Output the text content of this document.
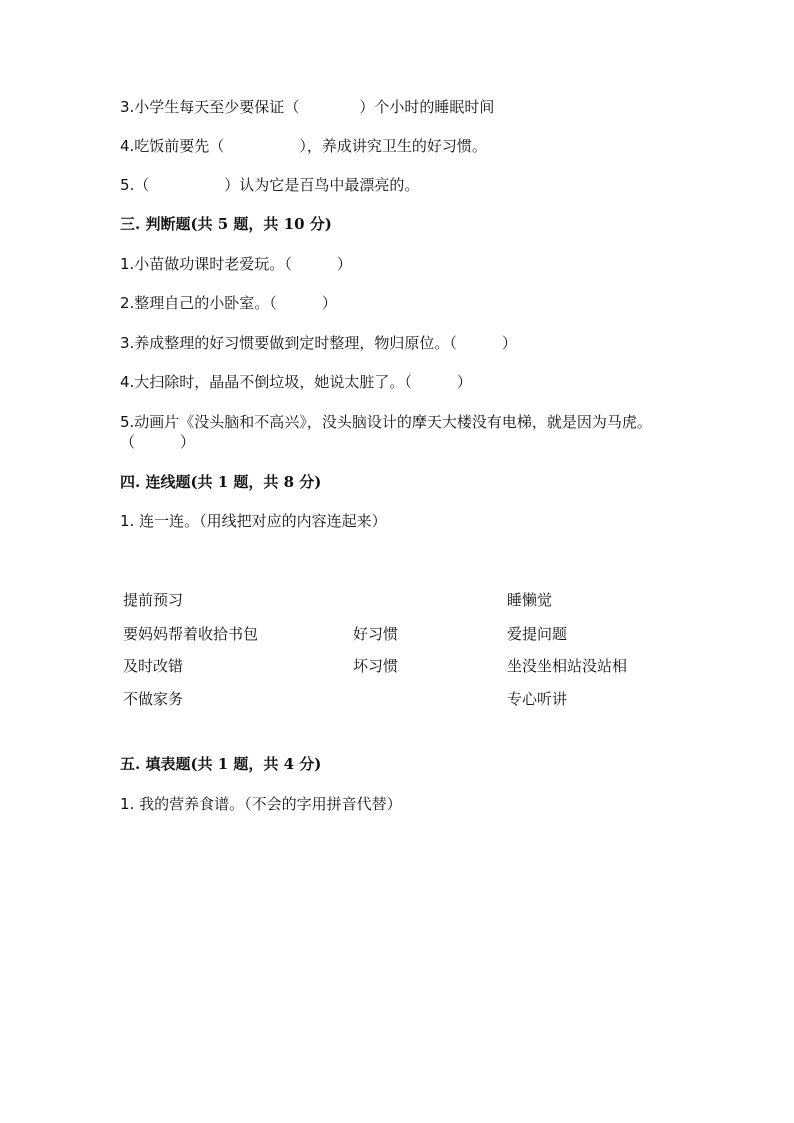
3.小学生每天至少要保证（　　　　）个小时的睡眠时间
4.吃饭前要先（　　　　　），养成讲究卫生的好习惯。
5.（　　　　　）认为它是百鸟中最漂亮的。
三. 判断题(共 5 题，共 10 分)
1.小苗做功课时老爱玩。（　　　）
2.整理自己的小卧室。（　　　）
3.养成整理的好习惯要做到定时整理，物归原位。（　　　）
4.大扫除时，晶晶不倒垃圾，她说太脏了。（　　　）
5.动画片《没头脑和不高兴》，没头脑设计的摩天大楼没有电梯，就是因为马虎。（　　　）
四. 连线题(共 1 题，共 8 分)
1. 连一连。（用线把对应的内容连起来）
提前预习
要妈妈帮着收拾书包
及时改错
不做家务
好习惯
坏习惯
睡懒觉
爱提问题
坐没坐相站没站相
专心听讲
五. 填表题(共 1 题，共 4 分)
1. 我的营养食谱。（不会的字用拼音代替）
